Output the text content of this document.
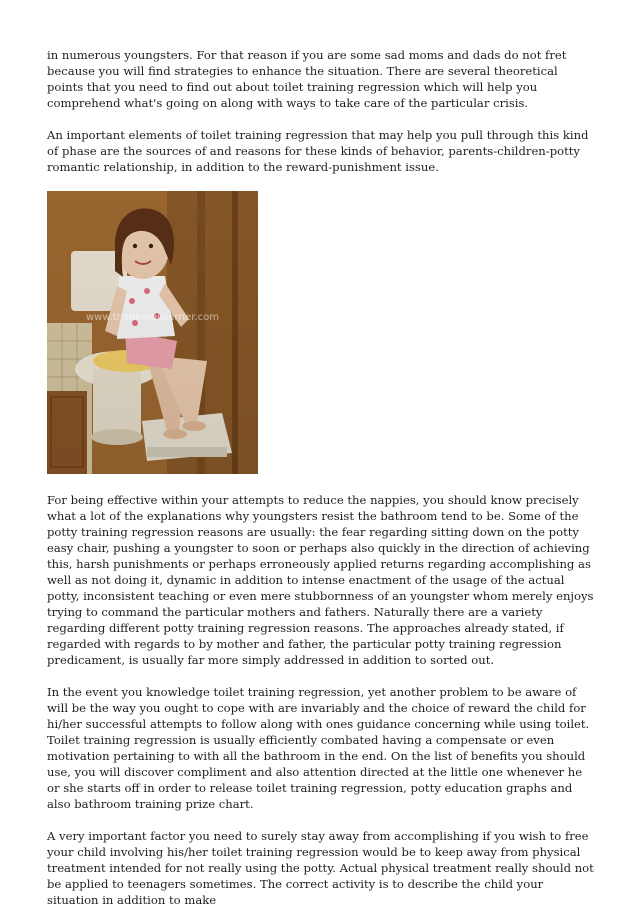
in numerous youngsters. For that reason if you are some sad moms and dads do not fret because you will find strategies to enhance the situation. There are several theoretical points that you need to find out about toilet training regression which will help you comprehend what's going on along with ways to take care of the particular crisis.

An important elements of toilet training regression that may help you pull through this kind of phase are the sources of and reasons for these kinds of behavior, parents-children-potty romantic relationship, in addition to the reward-punishment issue.

www.thankmailcarrier.com

For being effective within your attempts to reduce the nappies, you should know precisely what a lot of the explanations why youngsters resist the bathroom tend to be. Some of the potty training regression reasons are usually: the fear regarding sitting down on the potty easy chair, pushing a youngster to soon or perhaps also quickly in the direction of achieving this, harsh punishments or perhaps erroneously applied returns regarding accomplishing as well as not doing it, dynamic in addition to intense enactment of the usage of the actual potty, inconsistent teaching or even mere stubbornness of an youngster whom merely enjoys trying to command the particular mothers and fathers. Naturally there are a variety regarding different potty training regression reasons. The approaches already stated, if regarded with regards to by mother and father, the particular potty training regression predicament, is usually far more simply addressed in addition to sorted out.

In the event you knowledge toilet training regression, yet another problem to be aware of will be the way you ought to cope with are invariably and the choice of reward the child for hi/her successful attempts to follow along with ones guidance concerning while using toilet. Toilet training regression is usually efficiently combated having a compensate or even motivation pertaining to with all the bathroom in the end. On the list of benefits you should use, you will discover compliment and also attention directed at the little one whenever he or she starts off in order to release toilet training regression, potty education graphs and also bathroom training prize chart.

A very important factor you need to surely stay away from accomplishing if you wish to free your child involving his/her toilet training regression would be to keep away from physical treatment intended for not really using the potty. Actual physical treatment really should not be applied to teenagers sometimes. The correct activity is to describe the child your situation in addition to make
